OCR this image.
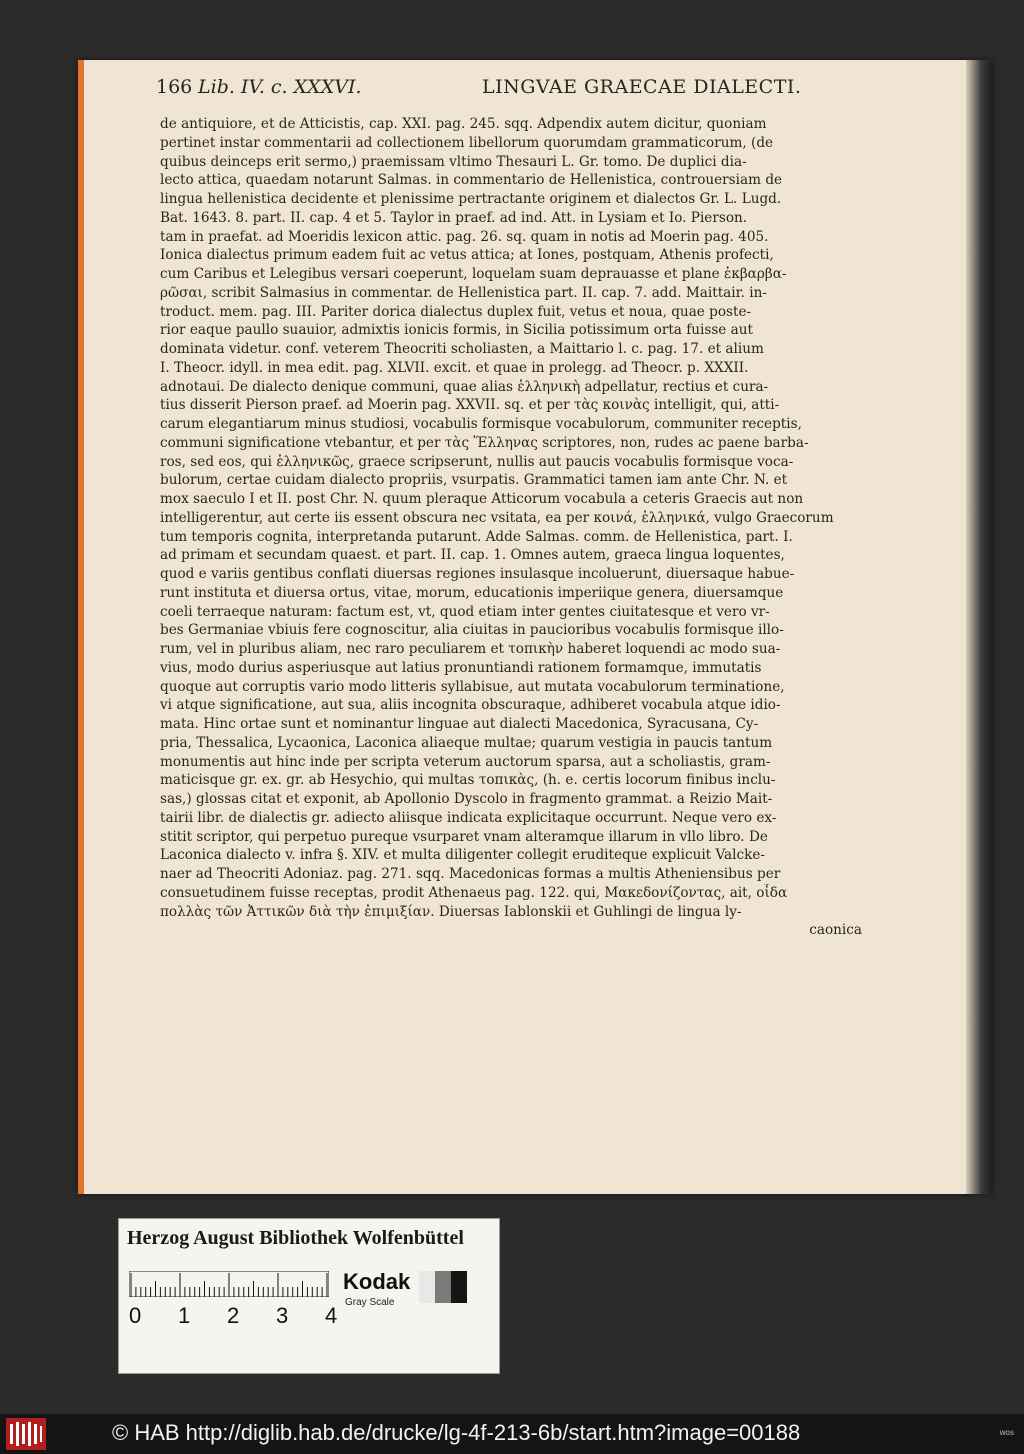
166 Lib. IV. c. XXXVI.	LINGVAE GRAECAE DIALECTI.
de antiquiore, et de Atticistis, cap. XXI. pag. 245. sqq. Adpendix autem dicitur, quoniam
pertinet instar commentarii ad collectionem libellorum quorumdam grammaticorum, (de
quibus deinceps erit sermo,) praemissam vltimo Thesauri L. Gr. tomo. De duplici dia-
lecto attica, quaedam notarunt Salmas. in commentario de Hellenistica, controuersiam de
lingua hellenistica decidente et plenissime pertractante originem et dialectos Gr. L. Lugd.
Bat. 1643. 8. part. II. cap. 4 et 5. Taylor in praef. ad ind. Att. in Lysiam et Io. Pierson.
tam in praefat. ad Moeridis lexicon attic. pag. 26. sq. quam in notis ad Moerin pag. 405.
Ionica dialectus primum eadem fuit ac vetus attica; at Iones, postquam, Athenis profecti,
cum Caribus et Lelegibus versari coeperunt, loquelam suam deprauasse et plane ἐκβαρβα-
ρῶσαι, scribit Salmasius in commentar. de Hellenistica part. II. cap. 7. add. Maittair. in-
troduct. mem. pag. III. Pariter dorica dialectus duplex fuit, vetus et noua, quae poste-
rior eaque paullo suauior, admixtis ionicis formis, in Sicilia potissimum orta fuisse aut
dominata videtur. conf. veterem Theocriti scholiasten, a Maittario l. c. pag. 17. et alium
I. Theocr. idyll. in mea edit. pag. XLVII. excit. et quae in prolegg. ad Theocr. p. XXXII.
adnotaui. De dialecto denique communi, quae alias ἑλληνικὴ adpellatur, rectius et cura-
tius disserit Pierson praef. ad Moerin pag. XXVII. sq. et per τὰς κοινὰς intelligit, qui, atti-
carum elegantiarum minus studiosi, vocabulis formisque vocabulorum, communiter receptis,
communi significatione vtebantur, et per τὰς Ἕλληνας scriptores, non, rudes ac paene barba-
ros, sed eos, qui ἑλληνικῶς, graece scripserunt, nullis aut paucis vocabulis formisque voca-
bulorum, certae cuidam dialecto propriis, vsurpatis. Grammatici tamen iam ante Chr. N. et
mox saeculo I et II. post Chr. N. quum pleraque Atticorum vocabula a ceteris Graecis aut non
intelligerentur, aut certe iis essent obscura nec vsitata, ea per κοινά, ἑλληνικά, vulgo Graecorum
tum temporis cognita, interpretanda putarunt. Adde Salmas. comm. de Hellenistica, part. I.
ad primam et secundam quaest. et part. II. cap. 1. Omnes autem, graeca lingua loquentes,
quod e variis gentibus conflati diuersas regiones insulasque incoluerunt, diuersaque habue-
runt instituta et diuersa ortus, vitae, morum, educationis imperiique genera, diuersamque
coeli terraeque naturam: factum est, vt, quod etiam inter gentes ciuitatesque et vero vr-
bes Germaniae vbiuis fere cognoscitur, alia ciuitas in paucioribus vocabulis formisque illo-
rum, vel in pluribus aliam, nec raro peculiarem et τοπικὴν haberet loquendi ac modo sua-
vius, modo durius asperiusque aut latius pronuntiandi rationem formamque, immutatis
quoque aut corruptis vario modo litteris syllabisue, aut mutata vocabulorum terminatione,
vi atque significatione, aut sua, aliis incognita obscuraque, adhiberet vocabula atque idio-
mata. Hinc ortae sunt et nominantur linguae aut dialecti Macedonica, Syracusana, Cy-
pria, Thessalica, Lycaonica, Laconica aliaeque multae; quarum vestigia in paucis tantum
monumentis aut hinc inde per scripta veterum auctorum sparsa, aut a scholiastis, gram-
maticisque gr. ex. gr. ab Hesychio, qui multas τοπικὰς, (h. e. certis locorum finibus inclu-
sas,) glossas citat et exponit, ab Apollonio Dyscolo in fragmento grammat. a Reizio Mait-
tairii libr. de dialectis gr. adiecto aliisque indicata explicitaque occurrunt. Neque vero ex-
stitit scriptor, qui perpetuo pureque vsurparet vnam alteramque illarum in vllo libro. De
Laconica dialecto v. infra §. XIV. et multa diligenter collegit eruditeque explicuit Valcke-
naer ad Theocriti Adoniaz. pag. 271. sqq. Macedonicas formas a multis Atheniensibus per
consuetudinem fuisse receptas, prodit Athenaeus pag. 122. qui, Μακεδονίζοντας, ait, οἶδα
πολλὰς τῶν Ἀττικῶν διὰ τὴν ἐπιμιξίαν. Diuersas Iablonskii et Guhlingi de lingua ly-
caonica
Herzog August Bibliothek Wolfenbüttel
0 1 2 3 4
Kodak
Gray Scale
© HAB http://diglib.hab.de/drucke/lg-4f-213-6b/start.htm?image=00188	wos
